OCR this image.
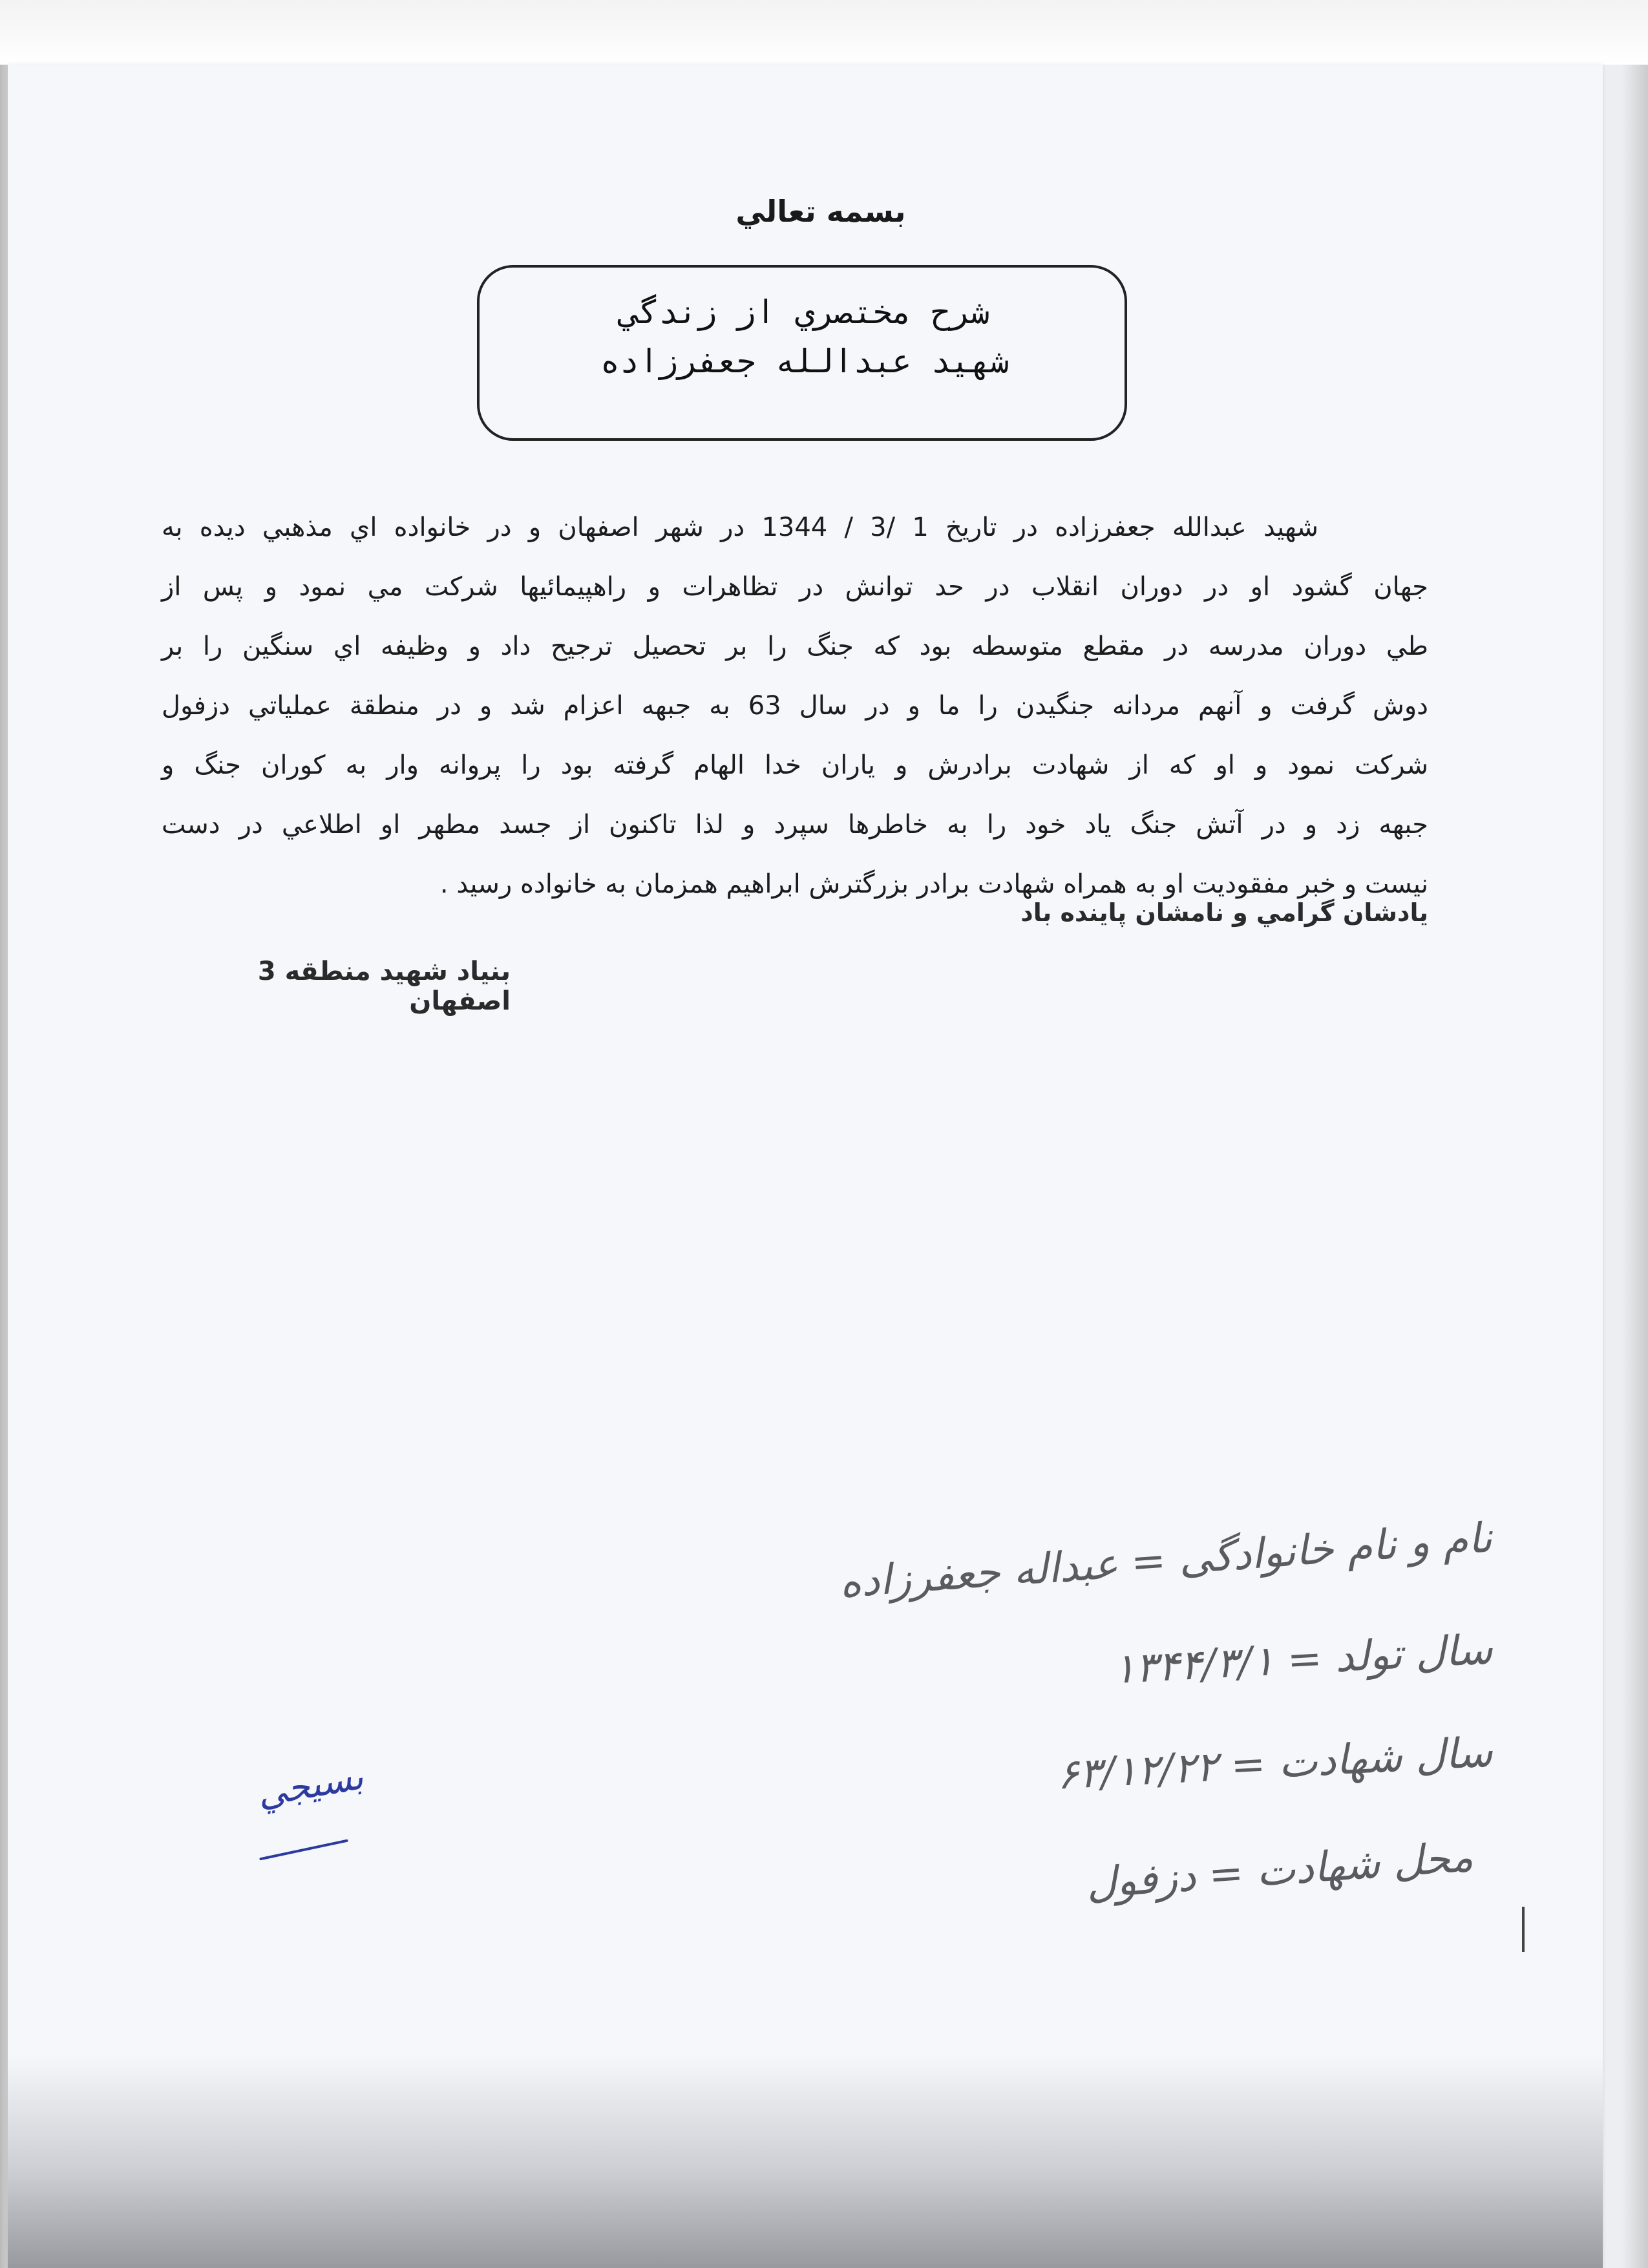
بسمه تعالي
شرح مختصري از زندگي
شهيد عبدالله جعفرزاده
شهيد عبدالله جعفرزاده در تاريخ 1 /3 / 1344 در شهر اصفهان و در خانواده اي مذهبي ديده به
جهان گشود او در دوران انقلاب در حد توانش در تظاهرات و راهپيمائيها شركت مي نمود و پس از
طي دوران مدرسه در مقطع متوسطه بود كه جنگ را بر تحصيل ترجيح داد و وظيفه اي سنگين را بر
دوش گرفت و آنهم مردانه جنگيدن را ما و در سال 63 به جبهه اعزام شد و در منطقة عملياتي دزفول
شركت نمود و او كه از شهادت برادرش و ياران خدا الهام گرفته بود را پروانه وار به كوران جنگ و
جبهه زد و در آتش جنگ ياد خود را به خاطرها سپرد و لذا تاكنون از جسد مطهر او اطلاعي در دست
نيست و خبر مفقوديت او به همراه شهادت برادر بزرگترش ابراهيم همزمان به خانواده رسيد .
يادشان گرامي و نامشان پاينده باد
بنياد شهيد منطقه 3 اصفهان
نام و نام خانوادگی = عبداله جعفرزاده
سال تولد = ۱۳۴۴/۳/۱
سال شهادت = ۶۳/۱۲/۲۲
محل شهادت = دزفول
بسيجي
